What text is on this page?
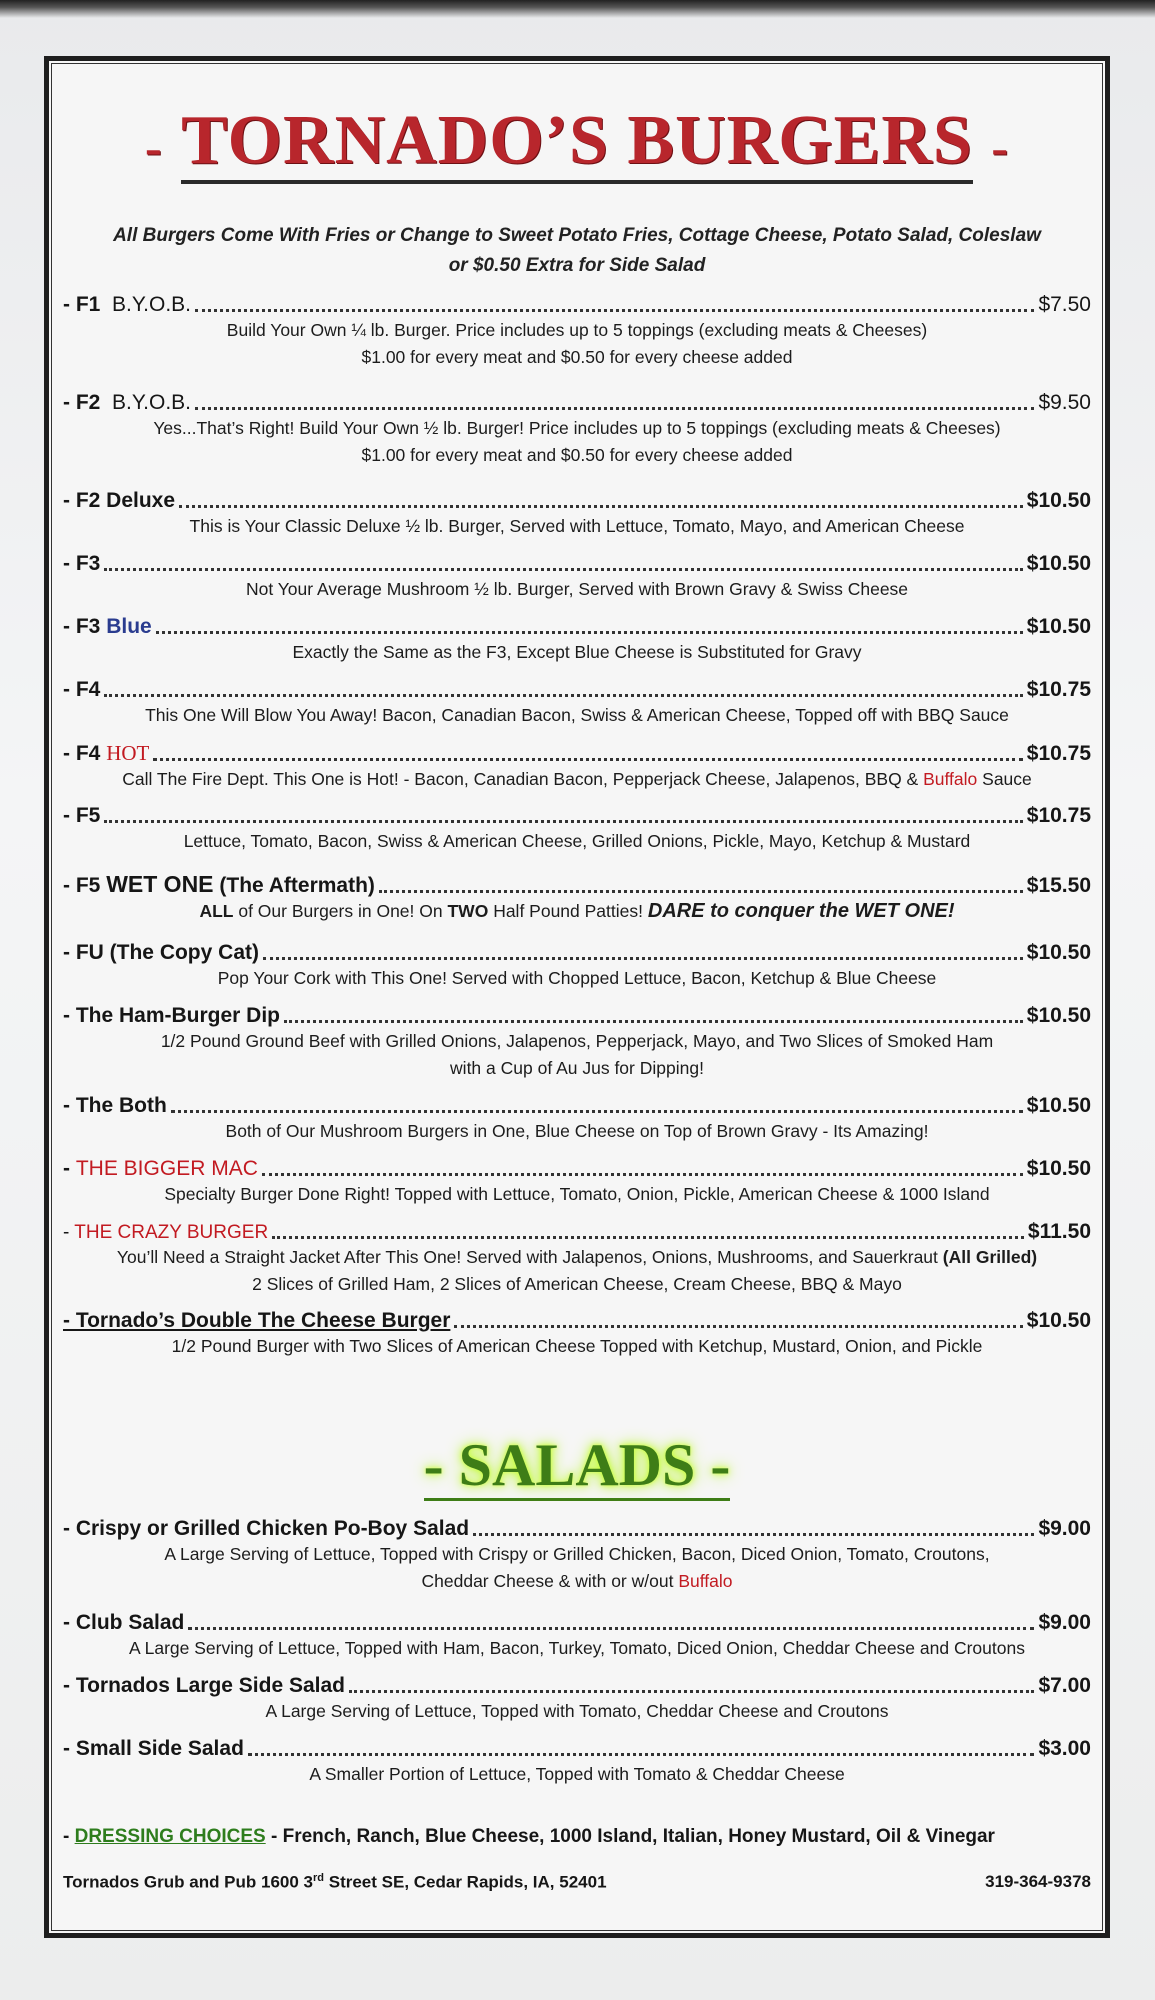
- TORNADO’S BURGERS -
All Burgers Come With Fries or Change to Sweet Potato Fries, Cottage Cheese, Potato Salad, Coleslaw
or $0.50 Extra for Side Salad
- F1 B.Y.O.B.	$7.50
Build Your Own ¼ lb. Burger. Price includes up to 5 toppings (excluding meats & Cheeses)
$1.00 for every meat and $0.50 for every cheese added
- F2 B.Y.O.B.	$9.50
Yes...That’s Right! Build Your Own ½ lb. Burger! Price includes up to 5 toppings (excluding meats & Cheeses)
$1.00 for every meat and $0.50 for every cheese added
- F2 Deluxe	$10.50
This is Your Classic Deluxe ½ lb. Burger, Served with Lettuce, Tomato, Mayo, and American Cheese
- F3	$10.50
Not Your Average Mushroom ½ lb. Burger, Served with Brown Gravy & Swiss Cheese
- F3 Blue	$10.50
Exactly the Same as the F3, Except Blue Cheese is Substituted for Gravy
- F4	$10.75
This One Will Blow You Away! Bacon, Canadian Bacon, Swiss & American Cheese, Topped off with BBQ Sauce
- F4 HOT	$10.75
Call The Fire Dept. This One is Hot! - Bacon, Canadian Bacon, Pepperjack Cheese, Jalapenos, BBQ & Buffalo Sauce
- F5	$10.75
Lettuce, Tomato, Bacon, Swiss & American Cheese, Grilled Onions, Pickle, Mayo, Ketchup & Mustard
- F5 WET ONE (The Aftermath)	$15.50
ALL of Our Burgers in One! On TWO Half Pound Patties! DARE to conquer the WET ONE!
- FU (The Copy Cat)	$10.50
Pop Your Cork with This One! Served with Chopped Lettuce, Bacon, Ketchup & Blue Cheese
- The Ham-Burger Dip	$10.50
1/2 Pound Ground Beef with Grilled Onions, Jalapenos, Pepperjack, Mayo, and Two Slices of Smoked Ham
with a Cup of Au Jus for Dipping!
- The Both	$10.50
Both of Our Mushroom Burgers in One, Blue Cheese on Top of Brown Gravy - Its Amazing!
- THE BIGGER MAC	$10.50
Specialty Burger Done Right! Topped with Lettuce, Tomato, Onion, Pickle, American Cheese & 1000 Island
- THE CRAZY BURGER	$11.50
You’ll Need a Straight Jacket After This One! Served with Jalapenos, Onions, Mushrooms, and Sauerkraut (All Grilled)
2 Slices of Grilled Ham, 2 Slices of American Cheese, Cream Cheese, BBQ & Mayo
- Tornado’s Double The Cheese Burger	$10.50
1/2 Pound Burger with Two Slices of American Cheese Topped with Ketchup, Mustard, Onion, and Pickle
- SALADS -
- Crispy or Grilled Chicken Po-Boy Salad	$9.00
A Large Serving of Lettuce, Topped with Crispy or Grilled Chicken, Bacon, Diced Onion, Tomato, Croutons,
Cheddar Cheese & with or w/out Buffalo
- Club Salad	$9.00
A Large Serving of Lettuce, Topped with Ham, Bacon, Turkey, Tomato, Diced Onion, Cheddar Cheese and Croutons
- Tornados Large Side Salad	$7.00
A Large Serving of Lettuce, Topped with Tomato, Cheddar Cheese and Croutons
- Small Side Salad	$3.00
A Smaller Portion of Lettuce, Topped with Tomato & Cheddar Cheese
- DRESSING CHOICES - French, Ranch, Blue Cheese, 1000 Island, Italian, Honey Mustard, Oil & Vinegar
Tornados Grub and Pub 1600 3rd Street SE, Cedar Rapids, IA, 52401	319-364-9378
